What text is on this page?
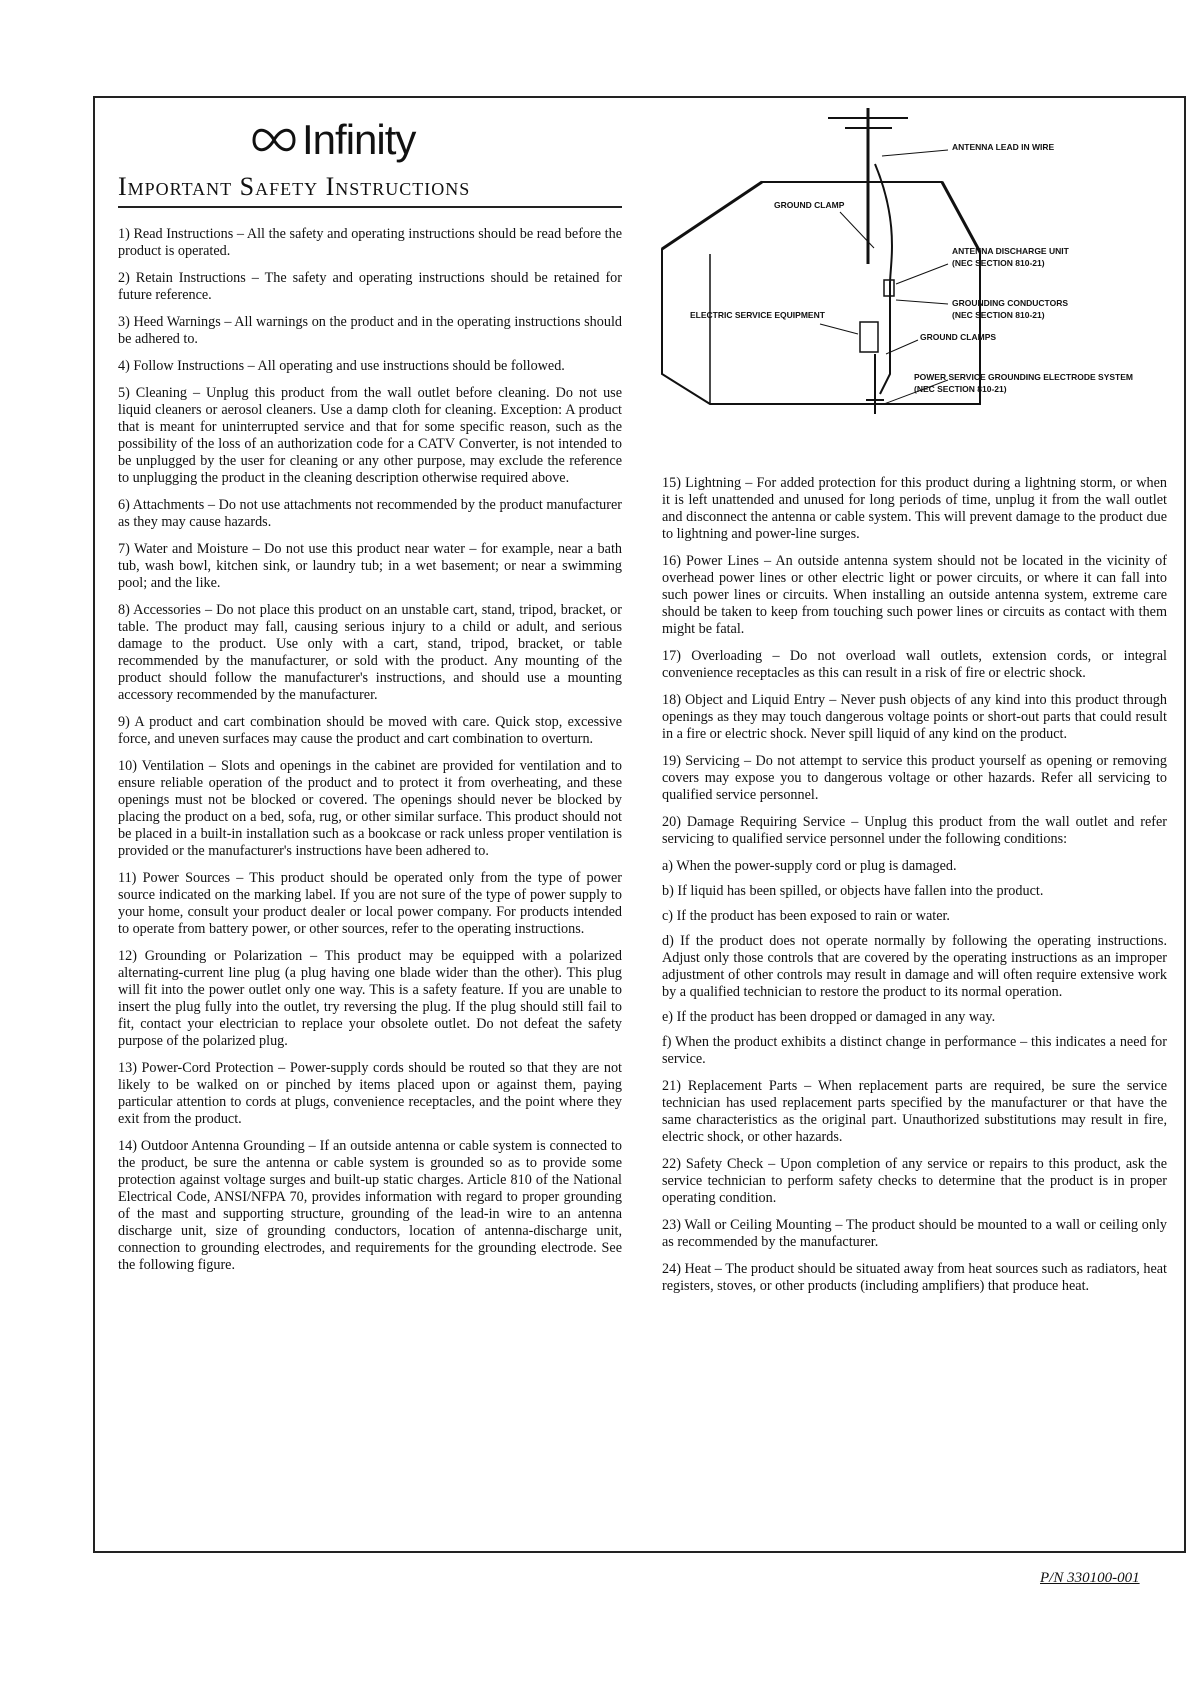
Infinity
Important Safety Instructions
ANTENNA LEAD IN WIRE
GROUND CLAMP
ANTENNA DISCHARGE UNIT
(NEC SECTION 810-21)
GROUNDING CONDUCTORS
(NEC SECTION 810-21)
ELECTRIC SERVICE EQUIPMENT
GROUND CLAMPS
POWER SERVICE GROUNDING ELECTRODE SYSTEM
(NEC SECTION 810-21)

1) Read Instructions – All the safety and operating instructions should be read before the product is operated.

2) Retain Instructions – The safety and operating instructions should be retained for future reference.

3) Heed Warnings – All warnings on the product and in the operating instructions should be adhered to.

4) Follow Instructions – All operating and use instructions should be followed.

5) Cleaning – Unplug this product from the wall outlet before cleaning. Do not use liquid cleaners or aerosol cleaners. Use a damp cloth for cleaning. Exception: A product that is meant for uninterrupted service and that for some specific reason, such as the possibility of the loss of an authorization code for a CATV Converter, is not intended to be unplugged by the user for cleaning or any other purpose, may exclude the reference to unplugging the product in the cleaning description otherwise required above.

6) Attachments – Do not use attachments not recommended by the product manufacturer as they may cause hazards.

7) Water and Moisture – Do not use this product near water – for example, near a bath tub, wash bowl, kitchen sink, or laundry tub; in a wet basement; or near a swimming pool; and the like.

8) Accessories – Do not place this product on an unstable cart, stand, tripod, bracket, or table. The product may fall, causing serious injury to a child or adult, and serious damage to the product. Use only with a cart, stand, tripod, bracket, or table recommended by the manufacturer, or sold with the product. Any mounting of the product should follow the manufacturer's instructions, and should use a mounting accessory recommended by the manufacturer.

9) A product and cart combination should be moved with care. Quick stop, excessive force, and uneven surfaces may cause the product and cart combination to overturn.

10) Ventilation – Slots and openings in the cabinet are provided for ventilation and to ensure reliable operation of the product and to protect it from overheating, and these openings must not be blocked or covered. The openings should never be blocked by placing the product on a bed, sofa, rug, or other similar surface. This product should not be placed in a built-in installation such as a bookcase or rack unless proper ventilation is provided or the manufacturer's instructions have been adhered to.

11) Power Sources – This product should be operated only from the type of power source indicated on the marking label. If you are not sure of the type of power supply to your home, consult your product dealer or local power company. For products intended to operate from battery power, or other sources, refer to the operating instructions.

12) Grounding or Polarization – This product may be equipped with a polarized alternating-current line plug (a plug having one blade wider than the other). This plug will fit into the power outlet only one way. This is a safety feature. If you are unable to insert the plug fully into the outlet, try reversing the plug. If the plug should still fail to fit, contact your electrician to replace your obsolete outlet. Do not defeat the safety purpose of the polarized plug.

13) Power-Cord Protection – Power-supply cords should be routed so that they are not likely to be walked on or pinched by items placed upon or against them, paying particular attention to cords at plugs, convenience receptacles, and the point where they exit from the product.

14) Outdoor Antenna Grounding – If an outside antenna or cable system is connected to the product, be sure the antenna or cable system is grounded so as to provide some protection against voltage surges and built-up static charges. Article 810 of the National Electrical Code, ANSI/NFPA 70, provides information with regard to proper grounding of the mast and supporting structure, grounding of the lead-in wire to an antenna discharge unit, size of grounding conductors, location of antenna-discharge unit, connection to grounding electrodes, and requirements for the grounding electrode. See the following figure.

15) Lightning – For added protection for this product during a lightning storm, or when it is left unattended and unused for long periods of time, unplug it from the wall outlet and disconnect the antenna or cable system. This will prevent damage to the product due to lightning and power-line surges.

16) Power Lines – An outside antenna system should not be located in the vicinity of overhead power lines or other electric light or power circuits, or where it can fall into such power lines or circuits. When installing an outside antenna system, extreme care should be taken to keep from touching such power lines or circuits as contact with them might be fatal.

17) Overloading – Do not overload wall outlets, extension cords, or integral convenience receptacles as this can result in a risk of fire or electric shock.

18) Object and Liquid Entry – Never push objects of any kind into this product through openings as they may touch dangerous voltage points or short-out parts that could result in a fire or electric shock. Never spill liquid of any kind on the product.

19) Servicing – Do not attempt to service this product yourself as opening or removing covers may expose you to dangerous voltage or other hazards. Refer all servicing to qualified service personnel.

20) Damage Requiring Service – Unplug this product from the wall outlet and refer servicing to qualified service personnel under the following conditions:

a) When the power-supply cord or plug is damaged.

b) If liquid has been spilled, or objects have fallen into the product.

c) If the product has been exposed to rain or water.

d) If the product does not operate normally by following the operating instructions. Adjust only those controls that are covered by the operating instructions as an improper adjustment of other controls may result in damage and will often require extensive work by a qualified technician to restore the product to its normal operation.

e) If the product has been dropped or damaged in any way.

f) When the product exhibits a distinct change in performance – this indicates a need for service.

21) Replacement Parts – When replacement parts are required, be sure the service technician has used replacement parts specified by the manufacturer or that have the same characteristics as the original part. Unauthorized substitutions may result in fire, electric shock, or other hazards.

22) Safety Check – Upon completion of any service or repairs to this product, ask the service technician to perform safety checks to determine that the product is in proper operating condition.

23) Wall or Ceiling Mounting – The product should be mounted to a wall or ceiling only as recommended by the manufacturer.

24) Heat – The product should be situated away from heat sources such as radiators, heat registers, stoves, or other products (including amplifiers) that produce heat.

P/N 330100-001
